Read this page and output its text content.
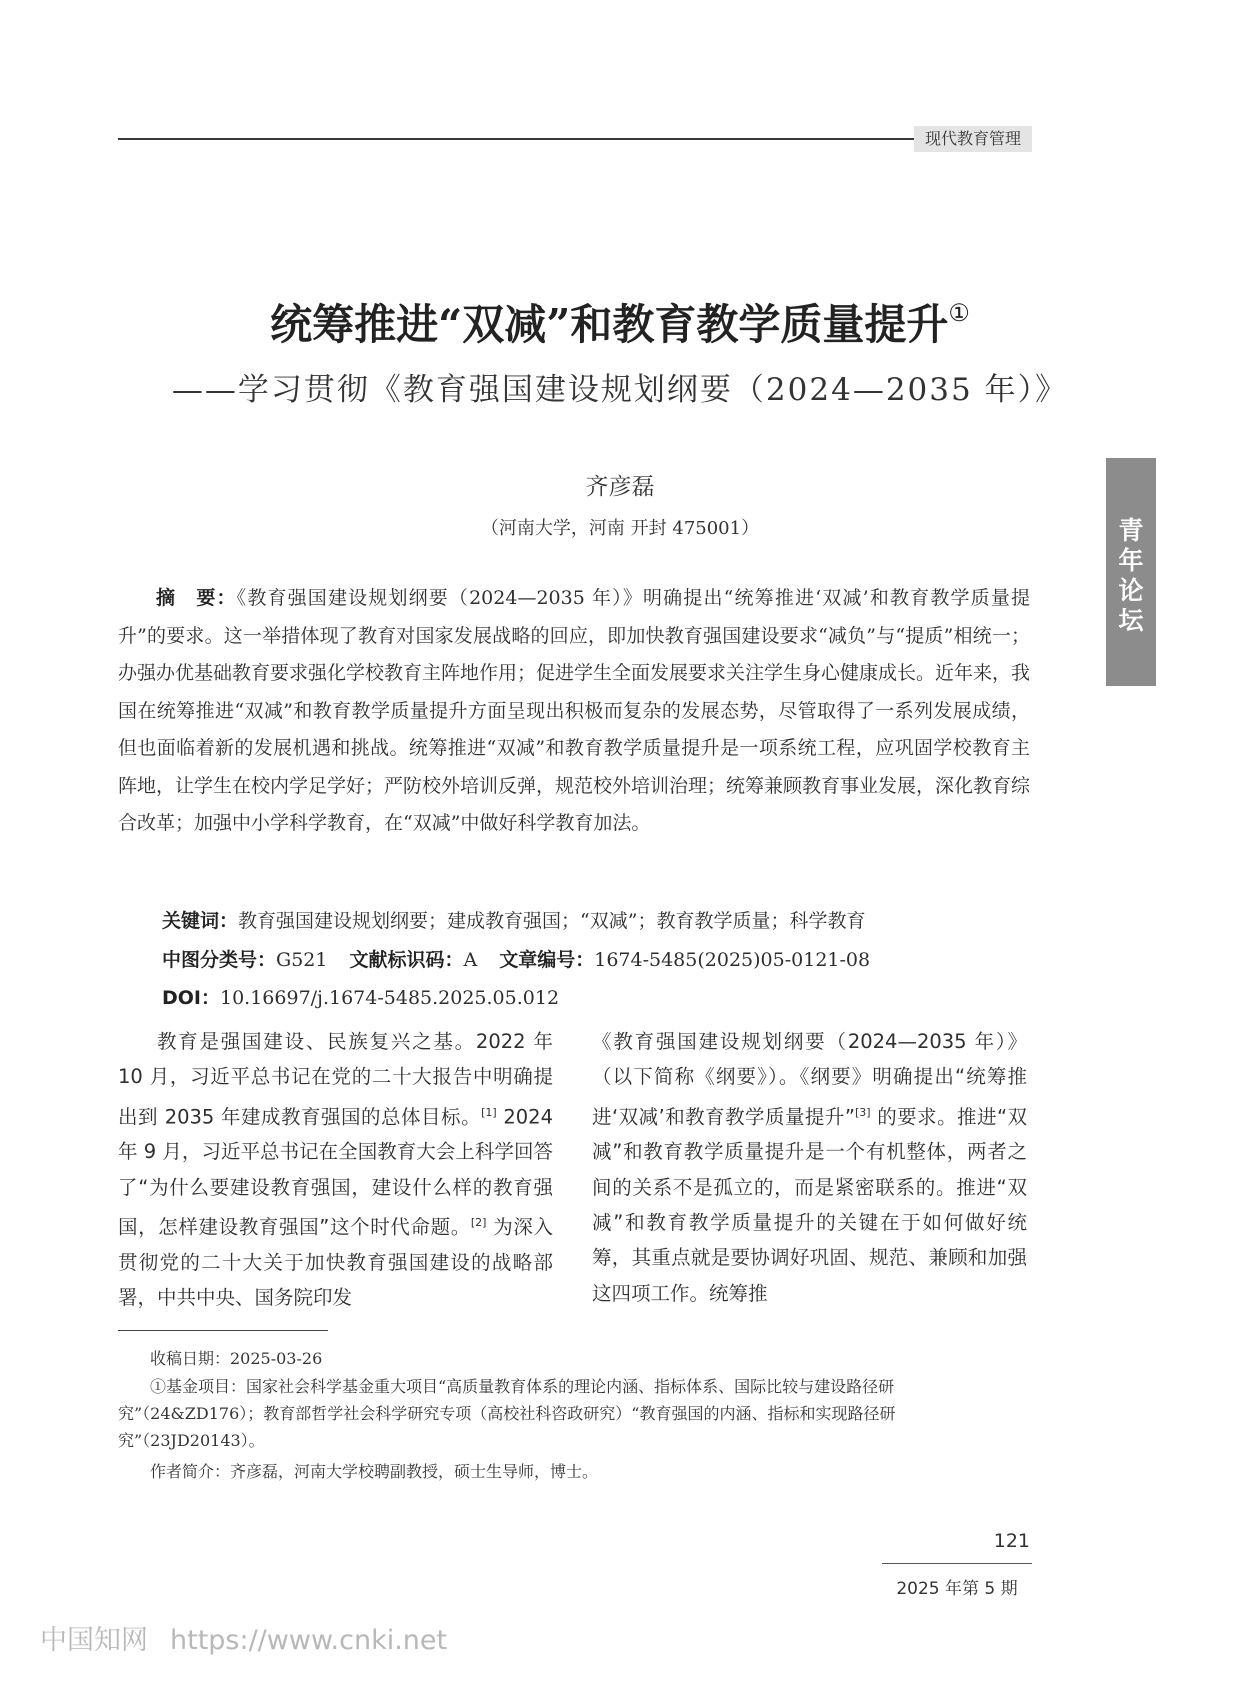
现代教育管理
统筹推进“双减”和教育教学质量提升①
——学习贯彻《教育强国建设规划纲要（2024—2035 年）》
齐彦磊
（河南大学，河南 开封 475001）	青
年
论
坛
摘　要：《教育强国建设规划纲要（2024—2035 年）》明确提出“统筹推进‘双减’和教育教学质量提升”的要求。这一举措体现了教育对国家发展战略的回应，即加快教育强国建设要求“减负”与“提质”相统一；办强办优基础教育要求强化学校教育主阵地作用；促进学生全面发展要求关注学生身心健康成长。近年来，我国在统筹推进“双减”和教育教学质量提升方面呈现出积极而复杂的发展态势，尽管取得了一系列发展成绩，但也面临着新的发展机遇和挑战。统筹推进“双减”和教育教学质量提升是一项系统工程，应巩固学校教育主阵地，让学生在校内学足学好；严防校外培训反弹，规范校外培训治理；统筹兼顾教育事业发展，深化教育综合改革；加强中小学科学教育，在“双减”中做好科学教育加法。
关键词：教育强国建设规划纲要；建成教育强国；“双减”；教育教学质量；科学教育
中图分类号：G521 文献标识码：A 文章编号：1674-5485(2025)05-0121-08
DOI：10.16697/j.1674-5485.2025.05.012
教育是强国建设、民族复兴之基。2022 年 10 月，习近平总书记在党的二十大报告中明确提出到 2035 年建成教育强国的总体目标。[1] 2024 年 9 月，习近平总书记在全国教育大会上科学回答了“为什么要建设教育强国，建设什么样的教育强国，怎样建设教育强国”这个时代命题。[2] 为深入贯彻党的二十大关于加快教育强国建设的战略部署，中共中央、国务院印发
《教育强国建设规划纲要（2024—2035 年）》（以下简称《纲要》）。《纲要》明确提出“统筹推进‘双减’和教育教学质量提升”[3] 的要求。推进“双减”和教育教学质量提升是一个有机整体，两者之间的关系不是孤立的，而是紧密联系的。推进“双减”和教育教学质量提升的关键在于如何做好统筹，其重点就是要协调好巩固、规范、兼顾和加强这四项工作。统筹推
收稿日期：2025-03-26
①基金项目：国家社会科学基金重大项目“高质量教育体系的理论内涵、指标体系、国际比较与建设路径研究”（24&ZD176）；教育部哲学社会科学研究专项（高校社科咨政研究）“教育强国的内涵、指标和实现路径研究”（23JD20143）。
作者简介：齐彦磊，河南大学校聘副教授，硕士生导师，博士。
121
2025 年第 5 期
中国知网 https://www.cnki.net
